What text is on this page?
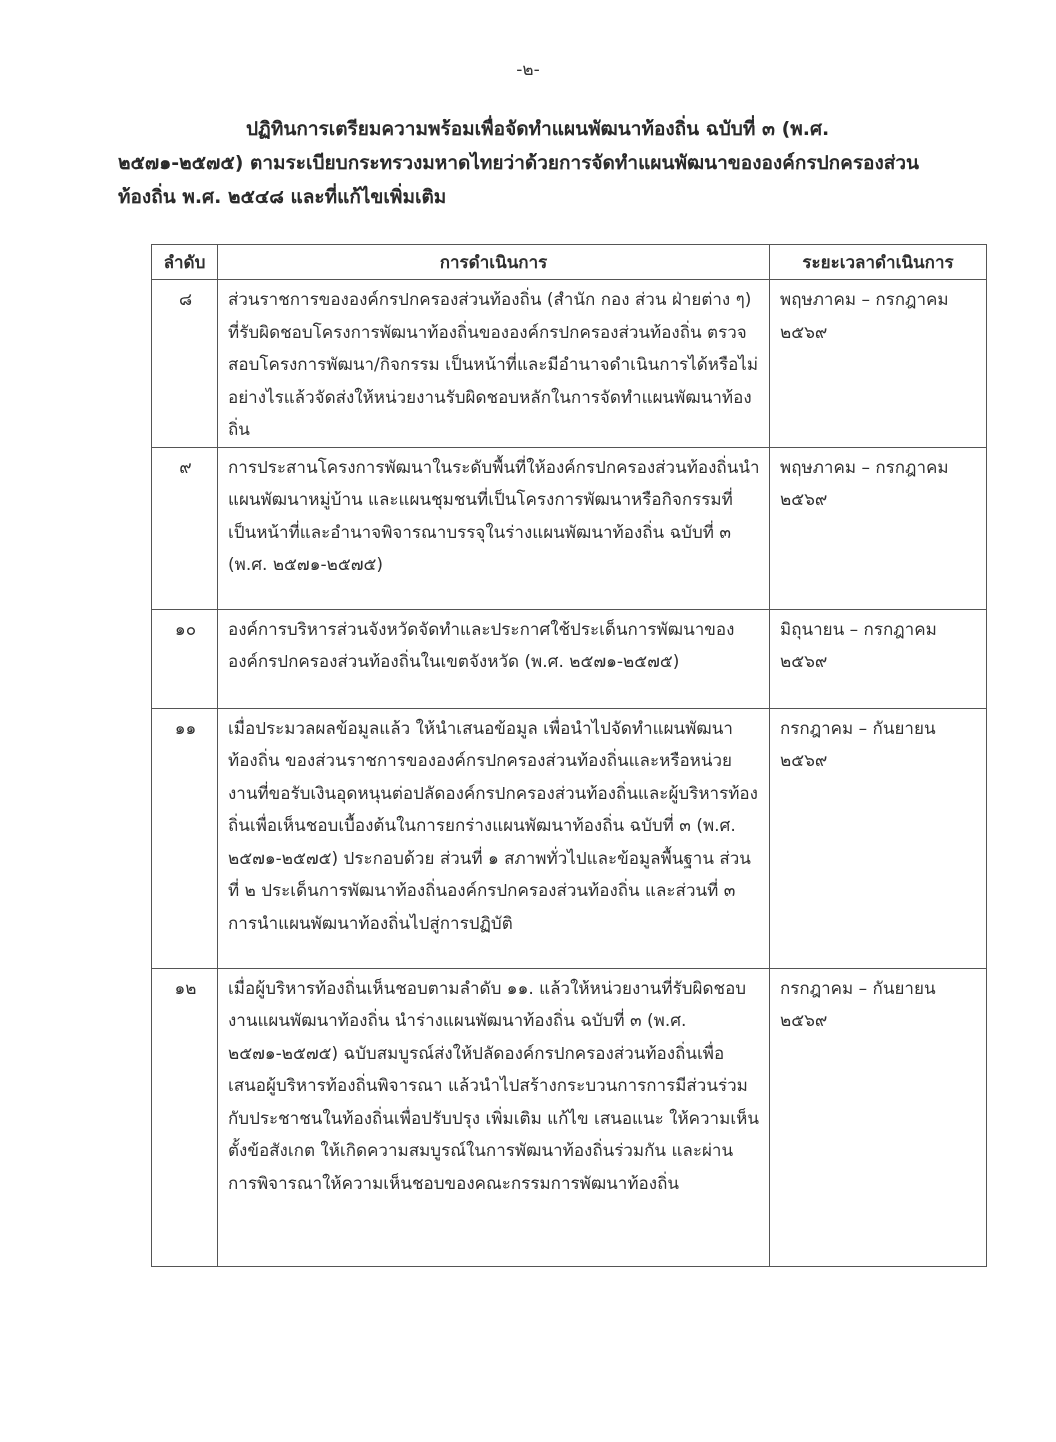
-๒-
ปฏิทินการเตรียมความพร้อมเพื่อจัดทำแผนพัฒนาท้องถิ่น ฉบับที่ ๓ (พ.ศ. ๒๕๗๑-๒๕๗๕) ตามระเบียบกระทรวงมหาดไทยว่าด้วยการจัดทำแผนพัฒนาขององค์กรปกครองส่วนท้องถิ่น พ.ศ. ๒๕๔๘ และที่แก้ไขเพิ่มเติม
ลำดับ	การดำเนินการ	ระยะเวลาดำเนินการ
๘	ส่วนราชการขององค์กรปกครองส่วนท้องถิ่น (สำนัก กอง ส่วน ฝ่ายต่าง ๆ) ที่รับผิดชอบโครงการพัฒนาท้องถิ่นขององค์กรปกครองส่วนท้องถิ่น ตรวจสอบโครงการพัฒนา/กิจกรรม เป็นหน้าที่และมีอำนาจดำเนินการได้หรือไม่อย่างไรแล้วจัดส่งให้หน่วยงานรับผิดชอบหลักในการจัดทำแผนพัฒนาท้องถิ่น	พฤษภาคม – กรกฎาคม ๒๕๖๙
๙	การประสานโครงการพัฒนาในระดับพื้นที่ให้องค์กรปกครองส่วนท้องถิ่นนำแผนพัฒนาหมู่บ้าน และแผนชุมชนที่เป็นโครงการพัฒนาหรือกิจกรรมที่เป็นหน้าที่และอำนาจพิจารณาบรรจุในร่างแผนพัฒนาท้องถิ่น ฉบับที่ ๓ (พ.ศ. ๒๕๗๑-๒๕๗๕)	พฤษภาคม – กรกฎาคม ๒๕๖๙
๑๐	องค์การบริหารส่วนจังหวัดจัดทำและประกาศใช้ประเด็นการพัฒนาขององค์กรปกครองส่วนท้องถิ่นในเขตจังหวัด (พ.ศ. ๒๕๗๑-๒๕๗๕)	มิถุนายน – กรกฎาคม ๒๕๖๙
๑๑	เมื่อประมวลผลข้อมูลแล้ว ให้นำเสนอข้อมูล เพื่อนำไปจัดทำแผนพัฒนาท้องถิ่น ของส่วนราชการขององค์กรปกครองส่วนท้องถิ่นและหรือหน่วยงานที่ขอรับเงินอุดหนุนต่อปลัดองค์กรปกครองส่วนท้องถิ่นและผู้บริหารท้องถิ่นเพื่อเห็นชอบเบื้องต้นในการยกร่างแผนพัฒนาท้องถิ่น ฉบับที่ ๓ (พ.ศ. ๒๕๗๑-๒๕๗๕) ประกอบด้วย ส่วนที่ ๑ สภาพทั่วไปและข้อมูลพื้นฐาน ส่วนที่ ๒ ประเด็นการพัฒนาท้องถิ่นองค์กรปกครองส่วนท้องถิ่น และส่วนที่ ๓ การนำแผนพัฒนาท้องถิ่นไปสู่การปฏิบัติ	กรกฎาคม – กันยายน ๒๕๖๙
๑๒	เมื่อผู้บริหารท้องถิ่นเห็นชอบตามลำดับ ๑๑. แล้วให้หน่วยงานที่รับผิดชอบงานแผนพัฒนาท้องถิ่น นำร่างแผนพัฒนาท้องถิ่น ฉบับที่ ๓ (พ.ศ. ๒๕๗๑-๒๕๗๕) ฉบับสมบูรณ์ส่งให้ปลัดองค์กรปกครองส่วนท้องถิ่นเพื่อเสนอผู้บริหารท้องถิ่นพิจารณา แล้วนำไปสร้างกระบวนการการมีส่วนร่วมกับประชาชนในท้องถิ่นเพื่อปรับปรุง เพิ่มเติม แก้ไข เสนอแนะ ให้ความเห็น ตั้งข้อสังเกต ให้เกิดความสมบูรณ์ในการพัฒนาท้องถิ่นร่วมกัน และผ่านการพิจารณาให้ความเห็นชอบของคณะกรรมการพัฒนาท้องถิ่น	กรกฎาคม – กันยายน ๒๕๖๙
